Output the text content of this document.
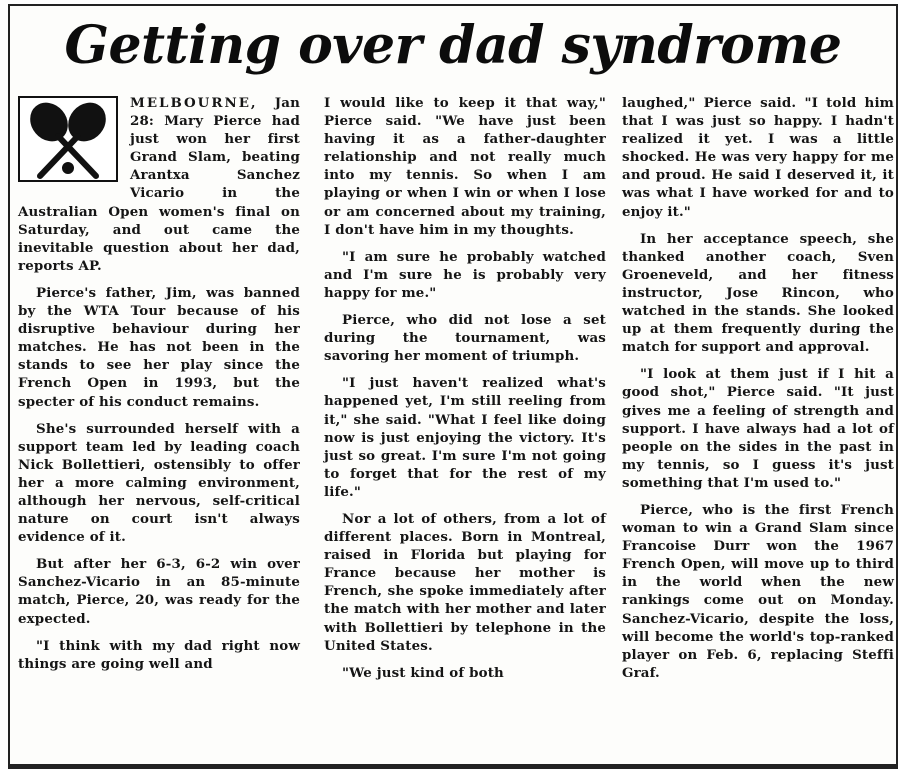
Getting over dad syndrome

MELBOURNE, Jan 28: Mary Pierce had just won her first Grand Slam, beating Arantxa Sanchez Vicario in the Australian Open women's final on Saturday, and out came the inevitable question about her dad, reports AP.

Pierce's father, Jim, was banned by the WTA Tour because of his disruptive behaviour during her matches. He has not been in the stands to see her play since the French Open in 1993, but the specter of his conduct remains.

She's surrounded herself with a support team led by leading coach Nick Bollettieri, ostensibly to offer her a more calming environment, although her nervous, self-critical nature on court isn't always evidence of it.

But after her 6-3, 6-2 win over Sanchez-Vicario in an 85-minute match, Pierce, 20, was ready for the expected.

"I think with my dad right now things are going well and

I would like to keep it that way," Pierce said. "We have just been having it as a father-daughter relationship and not really much into my tennis. So when I am playing or when I win or when I lose or am concerned about my training, I don't have him in my thoughts.

"I am sure he probably watched and I'm sure he is probably very happy for me."

Pierce, who did not lose a set during the tournament, was savoring her moment of triumph.

"I just haven't realized what's happened yet, I'm still reeling from it," she said. "What I feel like doing now is just enjoying the victory. It's just so great. I'm sure I'm not going to forget that for the rest of my life."

Nor a lot of others, from a lot of different places. Born in Montreal, raised in Florida but playing for France because her mother is French, she spoke immediately after the match with her mother and later with Bollettieri by telephone in the United States.

"We just kind of both

laughed," Pierce said. "I told him that I was just so happy. I hadn't realized it yet. I was a little shocked. He was very happy for me and proud. He said I deserved it, it was what I have worked for and to enjoy it."

In her acceptance speech, she thanked another coach, Sven Groeneveld, and her fitness instructor, Jose Rincon, who watched in the stands. She looked up at them frequently during the match for support and approval.

"I look at them just if I hit a good shot," Pierce said. "It just gives me a feeling of strength and support. I have always had a lot of people on the sides in the past in my tennis, so I guess it's just something that I'm used to."

Pierce, who is the first French woman to win a Grand Slam since Francoise Durr won the 1967 French Open, will move up to third in the world when the new rankings come out on Monday. Sanchez-Vicario, despite the loss, will become the world's top-ranked player on Feb. 6, replacing Steffi Graf.
